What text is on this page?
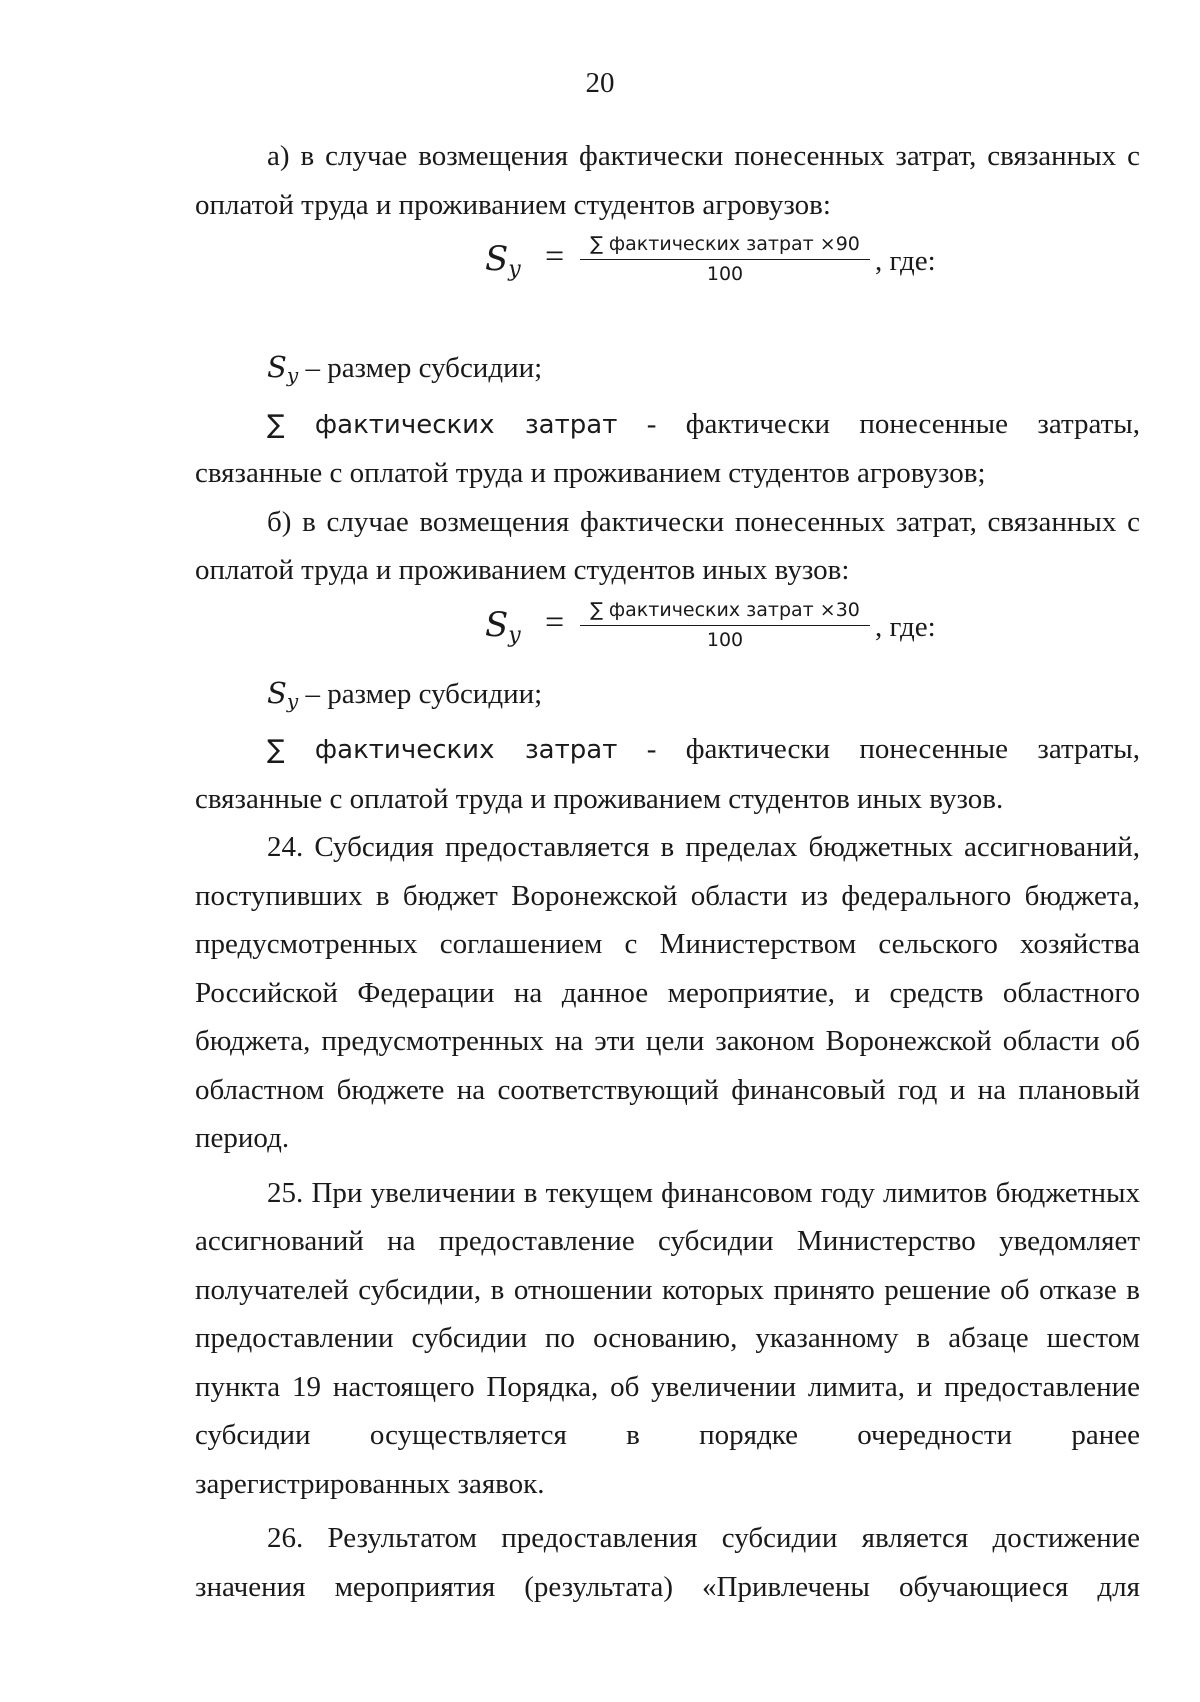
20

а) в случае возмещения фактически понесенных затрат, связанных с оплатой труда и проживанием студентов агровузов:

$S_y$ =	∑ фактических затрат ×90
100	, где:

$S_y$ – размер субсидии;

∑ фактических затрат - фактически понесенные затраты, связанные с оплатой труда и проживанием студентов агровузов;

б) в случае возмещения фактически понесенных затрат, связанных с оплатой труда и проживанием студентов иных вузов:

$S_y$ =	∑ фактических затрат ×30
100	, где:

$S_y$ – размер субсидии;

∑ фактических затрат - фактически понесенные затраты, связанные с оплатой труда и проживанием студентов иных вузов.

24. Субсидия предоставляется в пределах бюджетных ассигнований, поступивших в бюджет Воронежской области из федерального бюджета, предусмотренных соглашением с Министерством сельского хозяйства Российской Федерации на данное мероприятие, и средств областного бюджета, предусмотренных на эти цели законом Воронежской области об областном бюджете на соответствующий финансовый год и на плановый период.

25. При увеличении в текущем финансовом году лимитов бюджетных ассигнований на предоставление субсидии Министерство уведомляет получателей субсидии, в отношении которых принято решение об отказе в предоставлении субсидии по основанию, указанному в абзаце шестом пункта 19 настоящего Порядка, об увеличении лимита, и предоставление субсидии осуществляется в порядке очередности ранее зарегистрированных заявок.

26. Результатом предоставления субсидии является достижение значения мероприятия (результата) «Привлечены обучающиеся для
